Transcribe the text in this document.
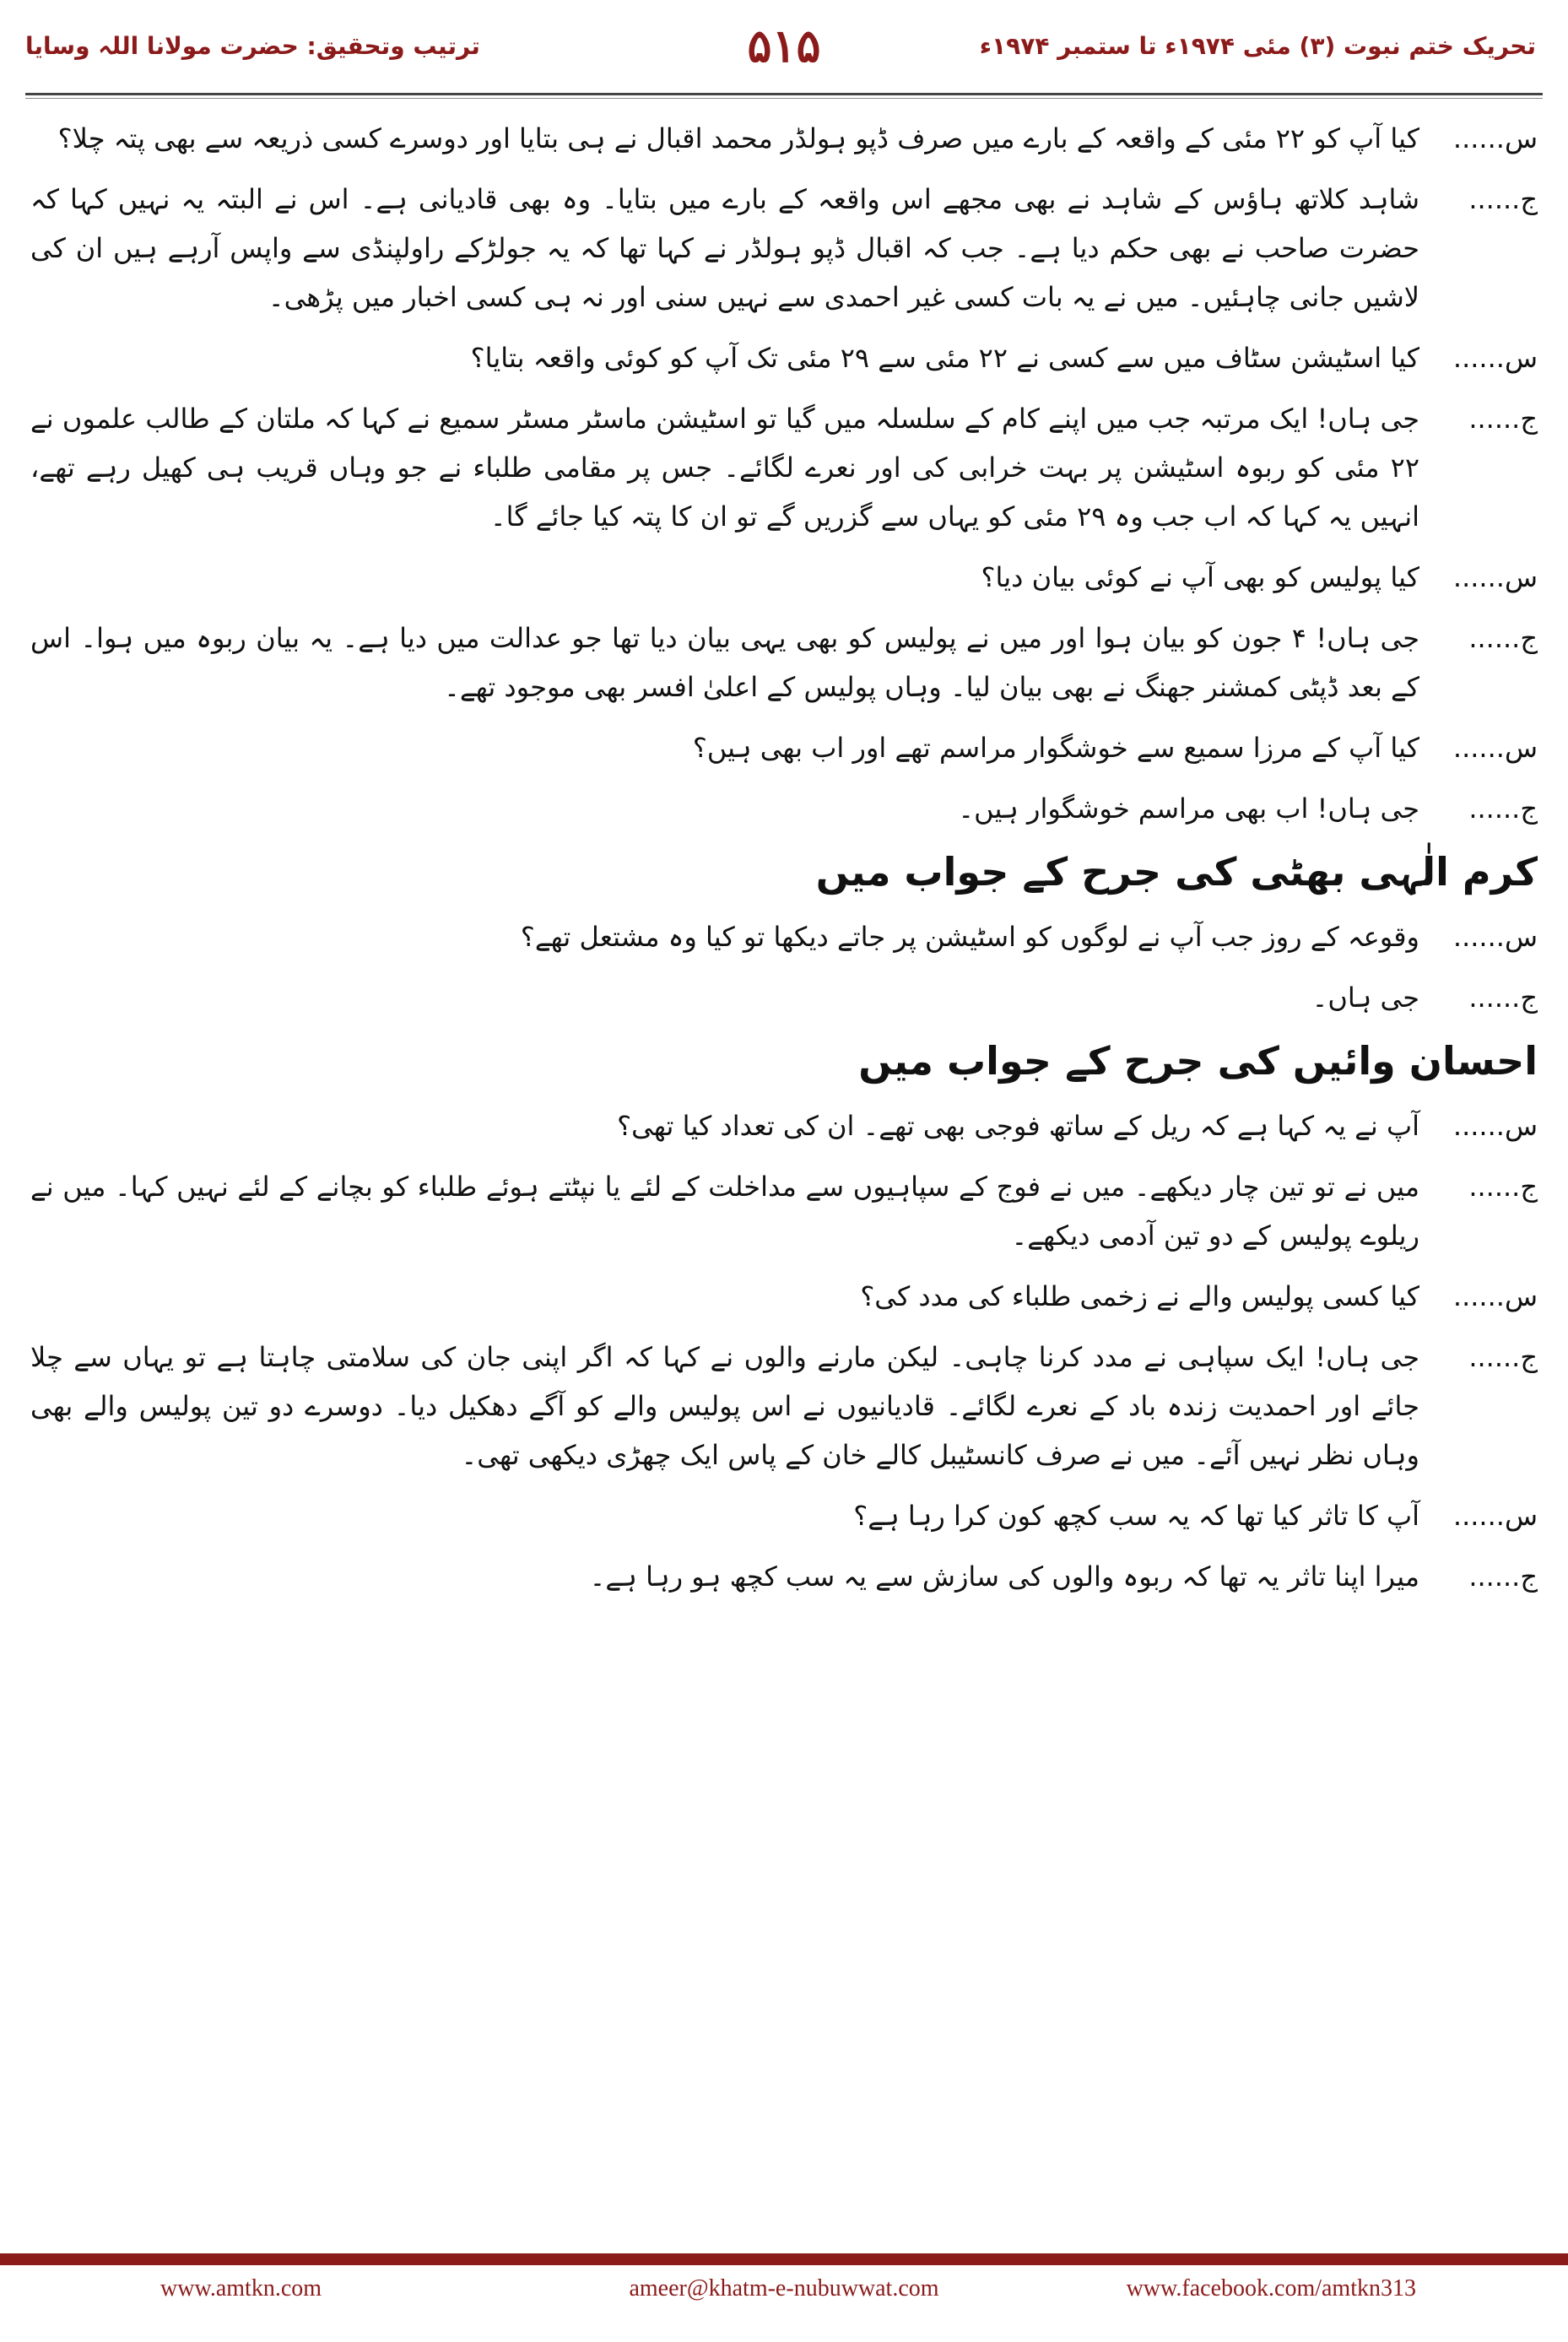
تحریک ختم نبوت (۳) مئی ۱۹۷۴ء تا ستمبر ۱۹۷۴ء
۵۱۵
ترتیب وتحقیق: حضرت مولانا اللہ وسایا
س......
کیا آپ کو ۲۲ مئی کے واقعہ کے بارے میں صرف ڈپو ہولڈر محمد اقبال نے ہی بتایا اور دوسرے کسی ذریعہ سے بھی پتہ چلا؟
ج......
شاہد کلاتھ ہاؤس کے شاہد نے بھی مجھے اس واقعہ کے بارے میں بتایا۔ وہ بھی قادیانی ہے۔ اس نے البتہ یہ نہیں کہا کہ حضرت صاحب نے بھی حکم دیا ہے۔ جب کہ اقبال ڈپو ہولڈر نے کہا تھا کہ یہ جولڑکے راولپنڈی سے واپس آرہے ہیں ان کی لاشیں جانی چاہئیں۔ میں نے یہ بات کسی غیر احمدی سے نہیں سنی اور نہ ہی کسی اخبار میں پڑھی۔
س......
کیا اسٹیشن سٹاف میں سے کسی نے ۲۲ مئی سے ۲۹ مئی تک آپ کو کوئی واقعہ بتایا؟
ج......
جی ہاں! ایک مرتبہ جب میں اپنے کام کے سلسلہ میں گیا تو اسٹیشن ماسٹر مسٹر سمیع نے کہا کہ ملتان کے طالب علموں نے ۲۲ مئی کو ربوہ اسٹیشن پر بہت خرابی کی اور نعرے لگائے۔ جس پر مقامی طلباء نے جو وہاں قریب ہی کھیل رہے تھے، انہیں یہ کہا کہ اب جب وہ ۲۹ مئی کو یہاں سے گزریں گے تو ان کا پتہ کیا جائے گا۔
س......
کیا پولیس کو بھی آپ نے کوئی بیان دیا؟
ج......
جی ہاں! ۴ جون کو بیان ہوا اور میں نے پولیس کو بھی یہی بیان دیا تھا جو عدالت میں دیا ہے۔ یہ بیان ربوہ میں ہوا۔ اس کے بعد ڈپٹی کمشنر جھنگ نے بھی بیان لیا۔ وہاں پولیس کے اعلیٰ افسر بھی موجود تھے۔
س......
کیا آپ کے مرزا سمیع سے خوشگوار مراسم تھے اور اب بھی ہیں؟
ج......
جی ہاں! اب بھی مراسم خوشگوار ہیں۔
کرم الٰہی بھٹی کی جرح کے جواب میں
س......
وقوعہ کے روز جب آپ نے لوگوں کو اسٹیشن پر جاتے دیکھا تو کیا وہ مشتعل تھے؟
ج......
جی ہاں۔
احسان وائیں کی جرح کے جواب میں
س......
آپ نے یہ کہا ہے کہ ریل کے ساتھ فوجی بھی تھے۔ ان کی تعداد کیا تھی؟
ج......
میں نے تو تین چار دیکھے۔ میں نے فوج کے سپاہیوں سے مداخلت کے لئے یا نپٹتے ہوئے طلباء کو بچانے کے لئے نہیں کہا۔ میں نے ریلوے پولیس کے دو تین آدمی دیکھے۔
س......
کیا کسی پولیس والے نے زخمی طلباء کی مدد کی؟
ج......
جی ہاں! ایک سپاہی نے مدد کرنا چاہی۔ لیکن مارنے والوں نے کہا کہ اگر اپنی جان کی سلامتی چاہتا ہے تو یہاں سے چلا جائے اور احمدیت زندہ باد کے نعرے لگائے۔ قادیانیوں نے اس پولیس والے کو آگے دھکیل دیا۔ دوسرے دو تین پولیس والے بھی وہاں نظر نہیں آئے۔ میں نے صرف کانسٹیبل کالے خان کے پاس ایک چھڑی دیکھی تھی۔
س......
آپ کا تاثر کیا تھا کہ یہ سب کچھ کون کرا رہا ہے؟
ج......
میرا اپنا تاثر یہ تھا کہ ربوہ والوں کی سازش سے یہ سب کچھ ہو رہا ہے۔
www.amtkn.com	ameer@khatm-e-nubuwwat.com	www.facebook.com/amtkn313
